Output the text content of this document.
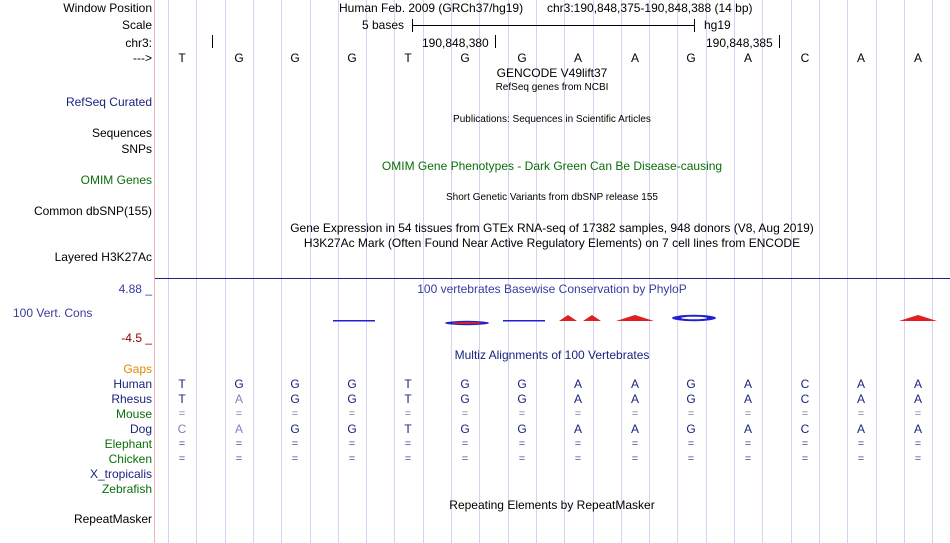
Window Position	Human Feb. 2009 (GRCh37/hg19) chr3:190,848,375-190,848,388 (14 bp)
Scale	5 bases	hg19
chr3:	190,848,380	190,848,385
--->
GENCODE V49lift37
RefSeq genes from NCBI
RefSeq Curated
Publications: Sequences in Scientific Articles
Sequences
SNPs
OMIM Gene Phenotypes - Dark Green Can Be Disease-causing
OMIM Genes
Short Genetic Variants from dbSNP release 155
Common dbSNP(155)
Gene Expression in 54 tissues from GTEx RNA-seq of 17382 samples, 948 donors (V8, Aug 2019)
H3K27Ac Mark (Often Found Near Active Regulatory Elements) on 7 cell lines from ENCODE
Layered H3K27Ac
100 vertebrates Basewise Conservation by PhyloP
4.88 _
100 Vert. Cons
-4.5 _
Multiz Alignments of 100 Vertebrates
Gaps
Repeating Elements by RepeatMasker
RepeatMasker
T	G	G	G	T	G	G	A	A	G	A	C	A	A
Human	T	G	G	G	T	G	G	A	A	G	A	C	A	A
Rhesus	T	A	G	G	T	G	G	A	A	G	A	C	A	A
Mouse	=	=	=	=	=	=	=	=	=	=	=	=	=	=
Dog	C	A	G	G	T	G	G	A	A	G	A	C	A	A
Elephant	=	=	=	=	=	=	=	=	=	=	=	=	=	=
Chicken	=	=	=	=	=	=	=	=	=	=	=	=	=	=
X_tropicalis
Zebrafish
